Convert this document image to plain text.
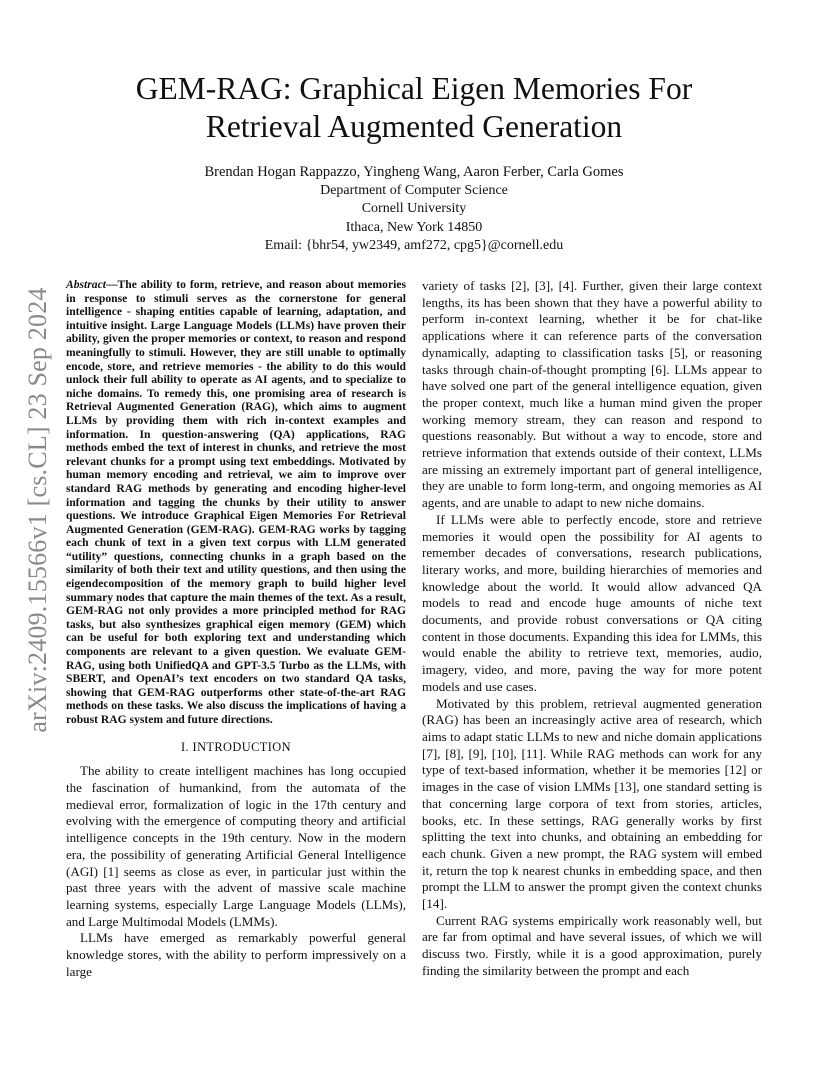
arXiv:2409.15566v1 [cs.CL] 23 Sep 2024
GEM-RAG: Graphical Eigen Memories For Retrieval Augmented Generation
Brendan Hogan Rappazzo, Yingheng Wang, Aaron Ferber, Carla Gomes
Department of Computer Science
Cornell University
Ithaca, New York 14850
Email: {bhr54, yw2349, amf272, cpg5}@cornell.edu

Abstract—The ability to form, retrieve, and reason about memories in response to stimuli serves as the cornerstone for general intelligence - shaping entities capable of learning, adaptation, and intuitive insight. Large Language Models (LLMs) have proven their ability, given the proper memories or context, to reason and respond meaningfully to stimuli. However, they are still unable to optimally encode, store, and retrieve memories - the ability to do this would unlock their full ability to operate as AI agents, and to specialize to niche domains. To remedy this, one promising area of research is Retrieval Augmented Generation (RAG), which aims to augment LLMs by providing them with rich in-context examples and information. In question-answering (QA) applications, RAG methods embed the text of interest in chunks, and retrieve the most relevant chunks for a prompt using text embeddings. Motivated by human memory encoding and retrieval, we aim to improve over standard RAG methods by generating and encoding higher-level information and tagging the chunks by their utility to answer questions. We introduce Graphical Eigen Memories For Retrieval Augmented Generation (GEM-RAG). GEM-RAG works by tagging each chunk of text in a given text corpus with LLM generated “utility” questions, connecting chunks in a graph based on the similarity of both their text and utility questions, and then using the eigendecomposition of the memory graph to build higher level summary nodes that capture the main themes of the text. As a result, GEM-RAG not only provides a more principled method for RAG tasks, but also synthesizes graphical eigen memory (GEM) which can be useful for both exploring text and understanding which components are relevant to a given question. We evaluate GEM-RAG, using both UnifiedQA and GPT-3.5 Turbo as the LLMs, with SBERT, and OpenAI’s text encoders on two standard QA tasks, showing that GEM-RAG outperforms other state-of-the-art RAG methods on these tasks. We also discuss the implications of having a robust RAG system and future directions.

I. INTRODUCTION

The ability to create intelligent machines has long occupied the fascination of humankind, from the automata of the medieval error, formalization of logic in the 17th century and evolving with the emergence of computing theory and artificial intelligence concepts in the 19th century. Now in the modern era, the possibility of generating Artificial General Intelligence (AGI) [1] seems as close as ever, in particular just within the past three years with the advent of massive scale machine learning systems, especially Large Language Models (LLMs), and Large Multimodal Models (LMMs).

LLMs have emerged as remarkably powerful general knowledge stores, with the ability to perform impressively on a large

variety of tasks [2], [3], [4]. Further, given their large context lengths, its has been shown that they have a powerful ability to perform in-context learning, whether it be for chat-like applications where it can reference parts of the conversation dynamically, adapting to classification tasks [5], or reasoning tasks through chain-of-thought prompting [6]. LLMs appear to have solved one part of the general intelligence equation, given the proper context, much like a human mind given the proper working memory stream, they can reason and respond to questions reasonably. But without a way to encode, store and retrieve information that extends outside of their context, LLMs are missing an extremely important part of general intelligence, they are unable to form long-term, and ongoing memories as AI agents, and are unable to adapt to new niche domains.

If LLMs were able to perfectly encode, store and retrieve memories it would open the possibility for AI agents to remember decades of conversations, research publications, literary works, and more, building hierarchies of memories and knowledge about the world. It would allow advanced QA models to read and encode huge amounts of niche text documents, and provide robust conversations or QA citing content in those documents. Expanding this idea for LMMs, this would enable the ability to retrieve text, memories, audio, imagery, video, and more, paving the way for more potent models and use cases.

Motivated by this problem, retrieval augmented generation (RAG) has been an increasingly active area of research, which aims to adapt static LLMs to new and niche domain applications [7], [8], [9], [10], [11]. While RAG methods can work for any type of text-based information, whether it be memories [12] or images in the case of vision LMMs [13], one standard setting is that concerning large corpora of text from stories, articles, books, etc. In these settings, RAG generally works by first splitting the text into chunks, and obtaining an embedding for each chunk. Given a new prompt, the RAG system will embed it, return the top k nearest chunks in embedding space, and then prompt the LLM to answer the prompt given the context chunks [14].

Current RAG systems empirically work reasonably well, but are far from optimal and have several issues, of which we will discuss two. Firstly, while it is a good approximation, purely finding the similarity between the prompt and each
